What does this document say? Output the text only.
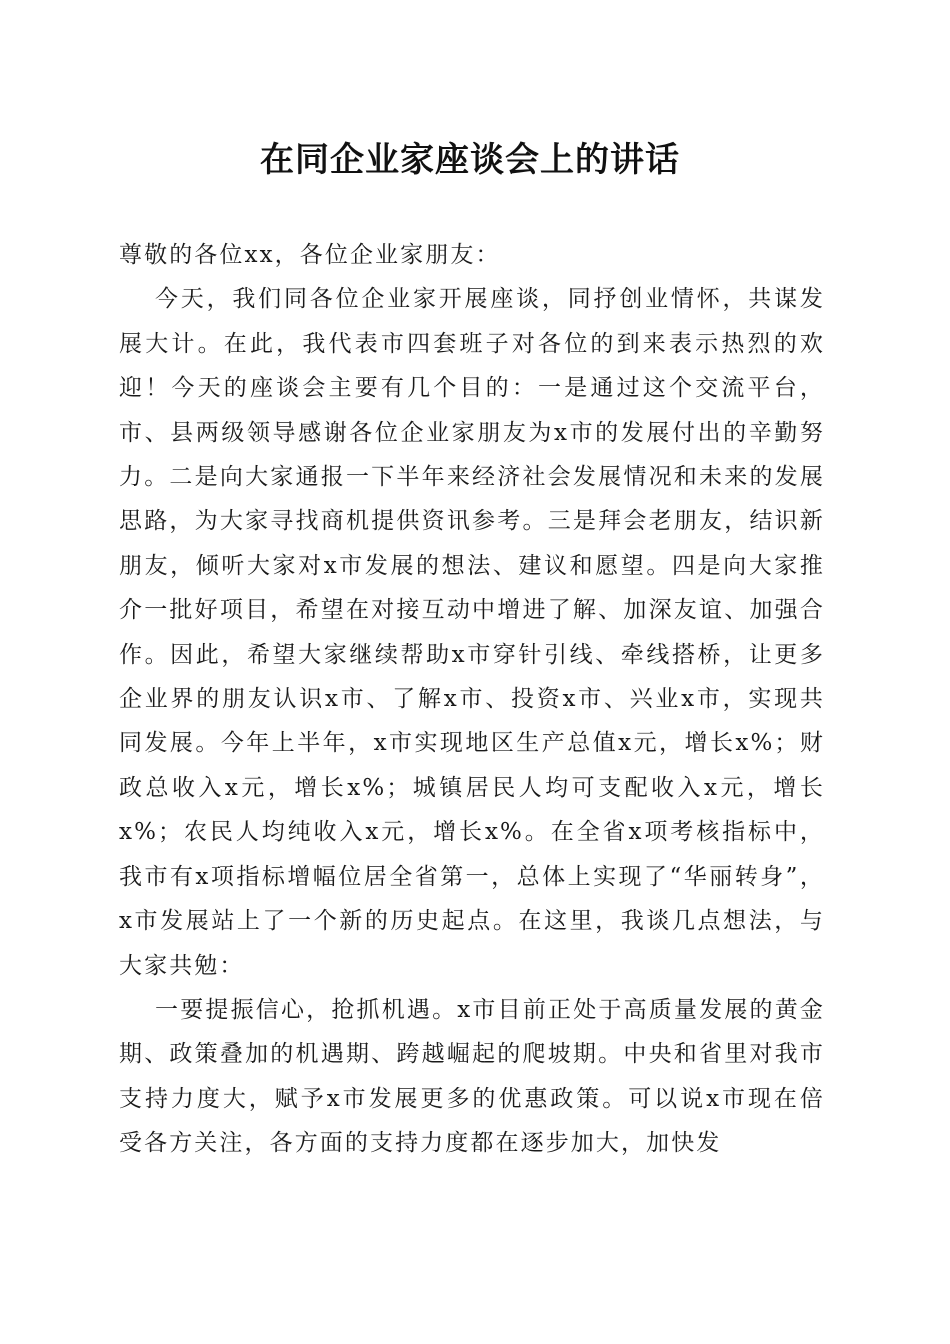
在同企业家座谈会上的讲话

尊敬的各位xx，各位企业家朋友：

今天，我们同各位企业家开展座谈，同抒创业情怀，共谋发展大计。在此，我代表市四套班子对各位的到来表示热烈的欢迎！今天的座谈会主要有几个目的：一是通过这个交流平台，市、县两级领导感谢各位企业家朋友为x市的发展付出的辛勤努力。二是向大家通报一下半年来经济社会发展情况和未来的发展思路，为大家寻找商机提供资讯参考。三是拜会老朋友，结识新朋友，倾听大家对x市发展的想法、建议和愿望。四是向大家推介一批好项目，希望在对接互动中增进了解、加深友谊、加强合作。因此，希望大家继续帮助x市穿针引线、牵线搭桥，让更多企业界的朋友认识x市、了解x市、投资x市、兴业x市，实现共同发展。今年上半年，x市实现地区生产总值x元，增长x%；财政总收入x元，增长x%；城镇居民人均可支配收入x元，增长x%；农民人均纯收入x元，增长x%。在全省x项考核指标中，我市有x项指标增幅位居全省第一，总体上实现了“华丽转身”，x市发展站上了一个新的历史起点。在这里，我谈几点想法，与大家共勉：

一要提振信心，抢抓机遇。x市目前正处于高质量发展的黄金期、政策叠加的机遇期、跨越崛起的爬坡期。中央和省里对我市支持力度大，赋予x市发展更多的优惠政策。可以说x市现在倍受各方关注，各方面的支持力度都在逐步加大，加快发
